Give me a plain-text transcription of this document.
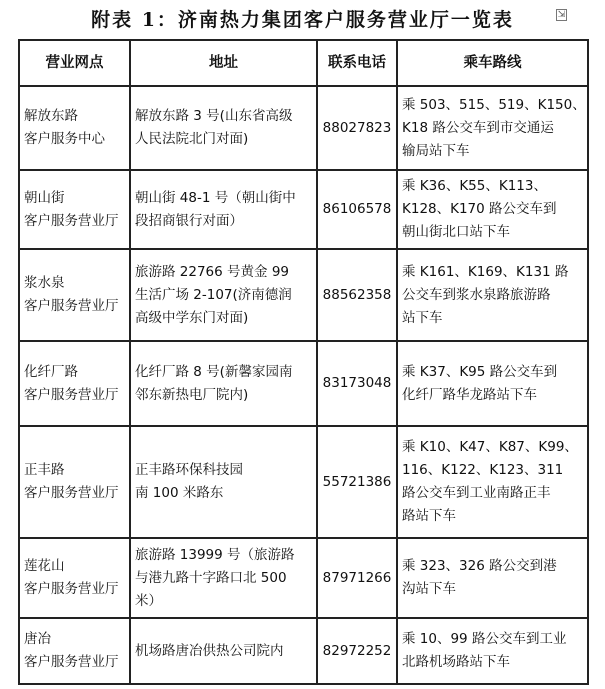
附表 1：济南热力集团客户服务营业厅一览表	⇲
营业网点	地址	联系电话	乘车路线

解放东路
客户服务中心	解放东路 3 号(山东省高级
人民法院北门对面)	88027823	乘 503、515、519、K150、
K18 路公交车到市交通运
输局站下车

朝山街
客户服务营业厅	朝山街 48-1 号（朝山街中
段招商银行对面）	86106578	乘 K36、K55、K113、
K128、K170 路公交车到
朝山街北口站下车

浆水泉
客户服务营业厅	旅游路 22766 号黄金 99
生活广场 2-107(济南德润
高级中学东门对面)	88562358	乘 K161、K169、K131 路
公交车到浆水泉路旅游路
站下车

化纤厂路
客户服务营业厅	化纤厂路 8 号(新馨家园南
邻东新热电厂院内)	83173048	乘 K37、K95 路公交车到
化纤厂路华龙路站下车

正丰路
客户服务营业厅	正丰路环保科技园
南 100 米路东	55721386	乘 K10、K47、K87、K99、
116、K122、K123、311
路公交车到工业南路正丰
路站下车

莲花山
客户服务营业厅	旅游路 13999 号（旅游路
与港九路十字路口北 500
米）	87971266	乘 323、326 路公交到港
沟站下车

唐冶
客户服务营业厅	机场路唐冶供热公司院内	82972252	乘 10、99 路公交车到工业
北路机场路站下车
